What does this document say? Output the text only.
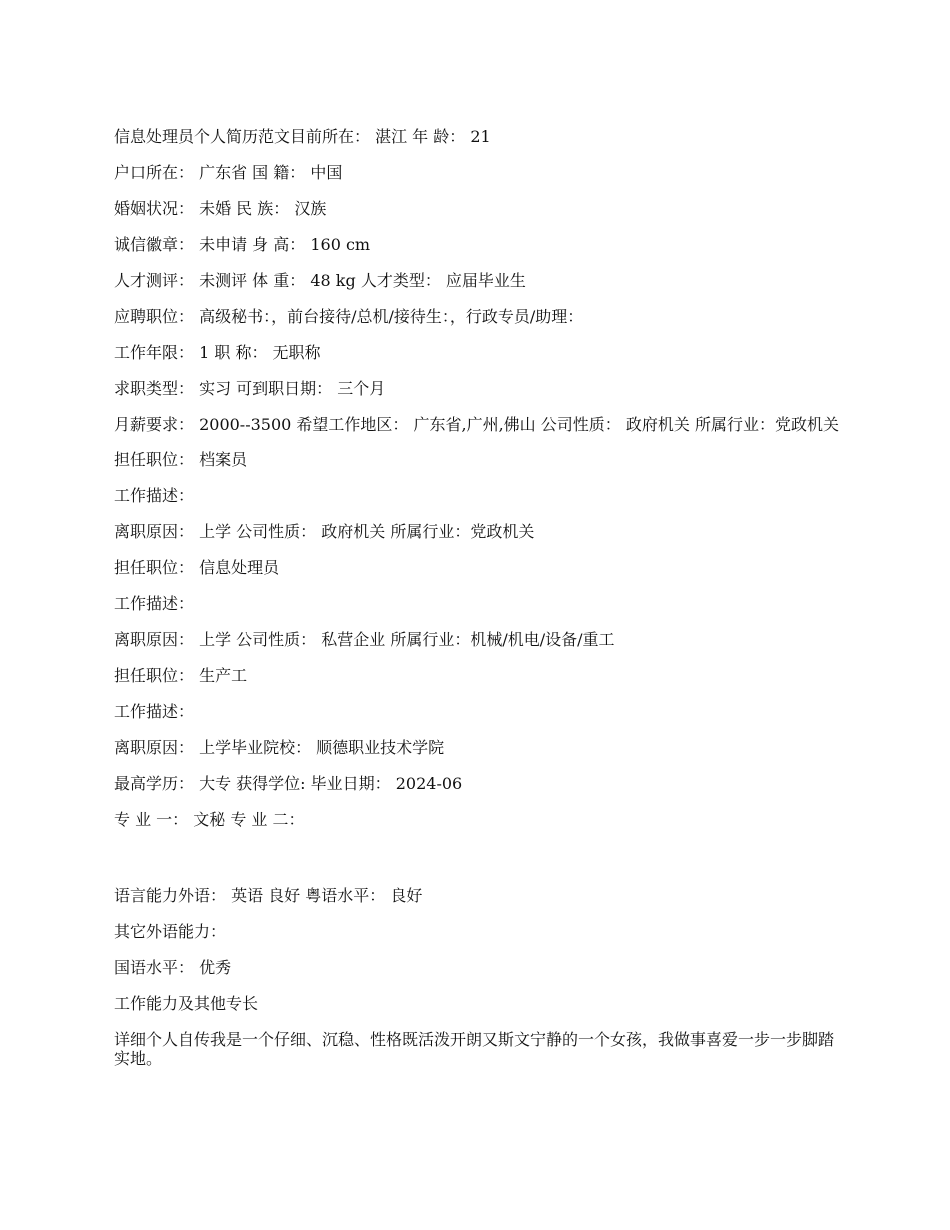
信息处理员个人简历范文目前所在： 湛江 年 龄： 21

户口所在： 广东省 国 籍： 中国

婚姻状况： 未婚 民 族： 汉族

诚信徽章： 未申请 身 高： 160 cm

人才测评： 未测评 体 重： 48 kg 人才类型： 应届毕业生

应聘职位： 高级秘书：，前台接待/总机/接待生：，行政专员/助理：

工作年限： 1 职 称： 无职称

求职类型： 实习 可到职日期： 三个月

月薪要求： 2000--3500 希望工作地区： 广东省,广州,佛山 公司性质： 政府机关 所属行业：党政机关

担任职位： 档案员

工作描述：

离职原因： 上学 公司性质： 政府机关 所属行业：党政机关

担任职位： 信息处理员

工作描述：

离职原因： 上学 公司性质： 私营企业 所属行业：机械/机电/设备/重工

担任职位： 生产工

工作描述：

离职原因： 上学毕业院校： 顺德职业技术学院

最高学历： 大专 获得学位: 毕业日期： 2024-06

专 业 一： 文秘 专 业 二：

语言能力外语： 英语 良好 粤语水平： 良好

其它外语能力：

国语水平： 优秀

工作能力及其他专长

详细个人自传我是一个仔细、沉稳、性格既活泼开朗又斯文宁静的一个女孩，我做事喜爱一步一步脚踏实地。
